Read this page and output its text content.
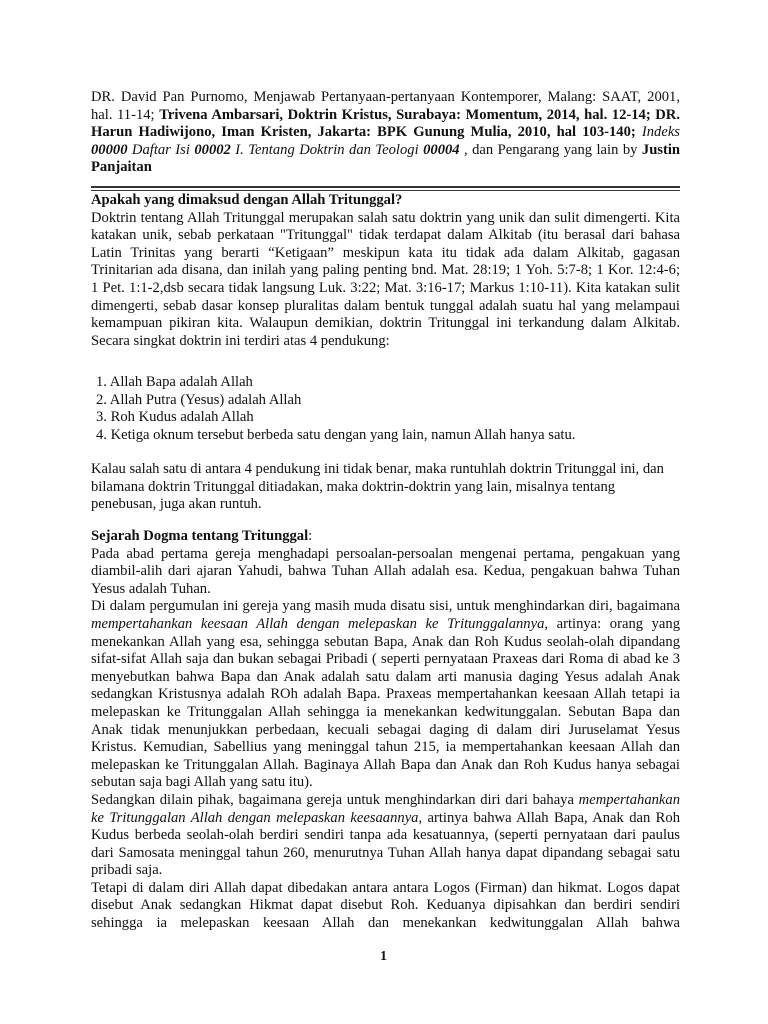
DR. David Pan Purnomo, Menjawab Pertanyaan-pertanyaan Kontemporer, Malang: SAAT, 2001, hal. 11-14; Trivena Ambarsari, Doktrin Kristus, Surabaya: Momentum, 2014, hal. 12-14; DR. Harun Hadiwijono, Iman Kristen, Jakarta: BPK Gunung Mulia, 2010, hal 103-140; Indeks 00000 Daftar Isi 00002 I. Tentang Doktrin dan Teologi 00004 , dan Pengarang yang lain by Justin Panjaitan

Apakah yang dimaksud dengan Allah Tritunggal?

Doktrin tentang Allah Tritunggal merupakan salah satu doktrin yang unik dan sulit dimengerti. Kita katakan unik, sebab perkataan "Tritunggal" tidak terdapat dalam Alkitab (itu berasal dari bahasa Latin Trinitas yang berarti “Ketigaan” meskipun kata itu tidak ada dalam Alkitab, gagasan Trinitarian ada disana, dan inilah yang paling penting bnd. Mat. 28:19; 1 Yoh. 5:7-8; 1 Kor. 12:4-6; 1 Pet. 1:1-2,dsb secara tidak langsung Luk. 3:22; Mat. 3:16-17; Markus 1:10-11). Kita katakan sulit dimengerti, sebab dasar konsep pluralitas dalam bentuk tunggal adalah suatu hal yang melampaui kemampuan pikiran kita. Walaupun demikian, doktrin Tritunggal ini terkandung dalam Alkitab. Secara singkat doktrin ini terdiri atas 4 pendukung:

1. Allah Bapa adalah Allah
2. Allah Putra (Yesus) adalah Allah
3. Roh Kudus adalah Allah
4. Ketiga oknum tersebut berbeda satu dengan yang lain, namun Allah hanya satu.
Kalau salah satu di antara 4 pendukung ini tidak benar, maka runtuhlah doktrin Tritunggal ini, dan bilamana doktrin Tritunggal ditiadakan, maka doktrin-doktrin yang lain, misalnya tentang penebusan, juga akan runtuh.

Sejarah Dogma tentang Tritunggal:

Pada abad pertama gereja menghadapi persoalan-persoalan mengenai pertama, pengakuan yang diambil-alih dari ajaran Yahudi, bahwa Tuhan Allah adalah esa. Kedua, pengakuan bahwa Tuhan Yesus adalah Tuhan.

Di dalam pergumulan ini gereja yang masih muda disatu sisi, untuk menghindarkan diri, bagaimana mempertahankan keesaan Allah dengan melepaskan ke Tritunggalannya, artinya: orang yang menekankan Allah yang esa, sehingga sebutan Bapa, Anak dan Roh Kudus seolah-olah dipandang sifat-sifat Allah saja dan bukan sebagai Pribadi ( seperti pernyataan Praxeas dari Roma di abad ke 3 menyebutkan bahwa Bapa dan Anak adalah satu dalam arti manusia daging Yesus adalah Anak sedangkan Kristusnya adalah ROh adalah Bapa. Praxeas mempertahankan keesaan Allah tetapi ia melepaskan ke Tritunggalan Allah sehingga ia menekankan kedwitunggalan. Sebutan Bapa dan Anak tidak menunjukkan perbedaan, kecuali sebagai daging di dalam diri Juruselamat Yesus Kristus. Kemudian, Sabellius yang meninggal tahun 215, ia mempertahankan keesaan Allah dan melepaskan ke Tritunggalan Allah. Baginaya Allah Bapa dan Anak dan Roh Kudus hanya sebagai sebutan saja bagi Allah yang satu itu).

Sedangkan dilain pihak, bagaimana gereja untuk menghindarkan diri dari bahaya mempertahankan ke Tritunggalan Allah dengan melepaskan keesaannya, artinya bahwa Allah Bapa, Anak dan Roh Kudus berbeda seolah-olah berdiri sendiri tanpa ada kesatuannya, (seperti pernyataan dari paulus dari Samosata meninggal tahun 260, menurutnya Tuhan Allah hanya dapat dipandang sebagai satu pribadi saja.

Tetapi di dalam diri Allah dapat dibedakan antara antara Logos (Firman) dan hikmat. Logos dapat disebut Anak sedangkan Hikmat dapat disebut Roh. Keduanya dipisahkan dan berdiri sendiri sehingga ia melepaskan keesaan Allah dan menekankan kedwitunggalan Allah bahwa

1
